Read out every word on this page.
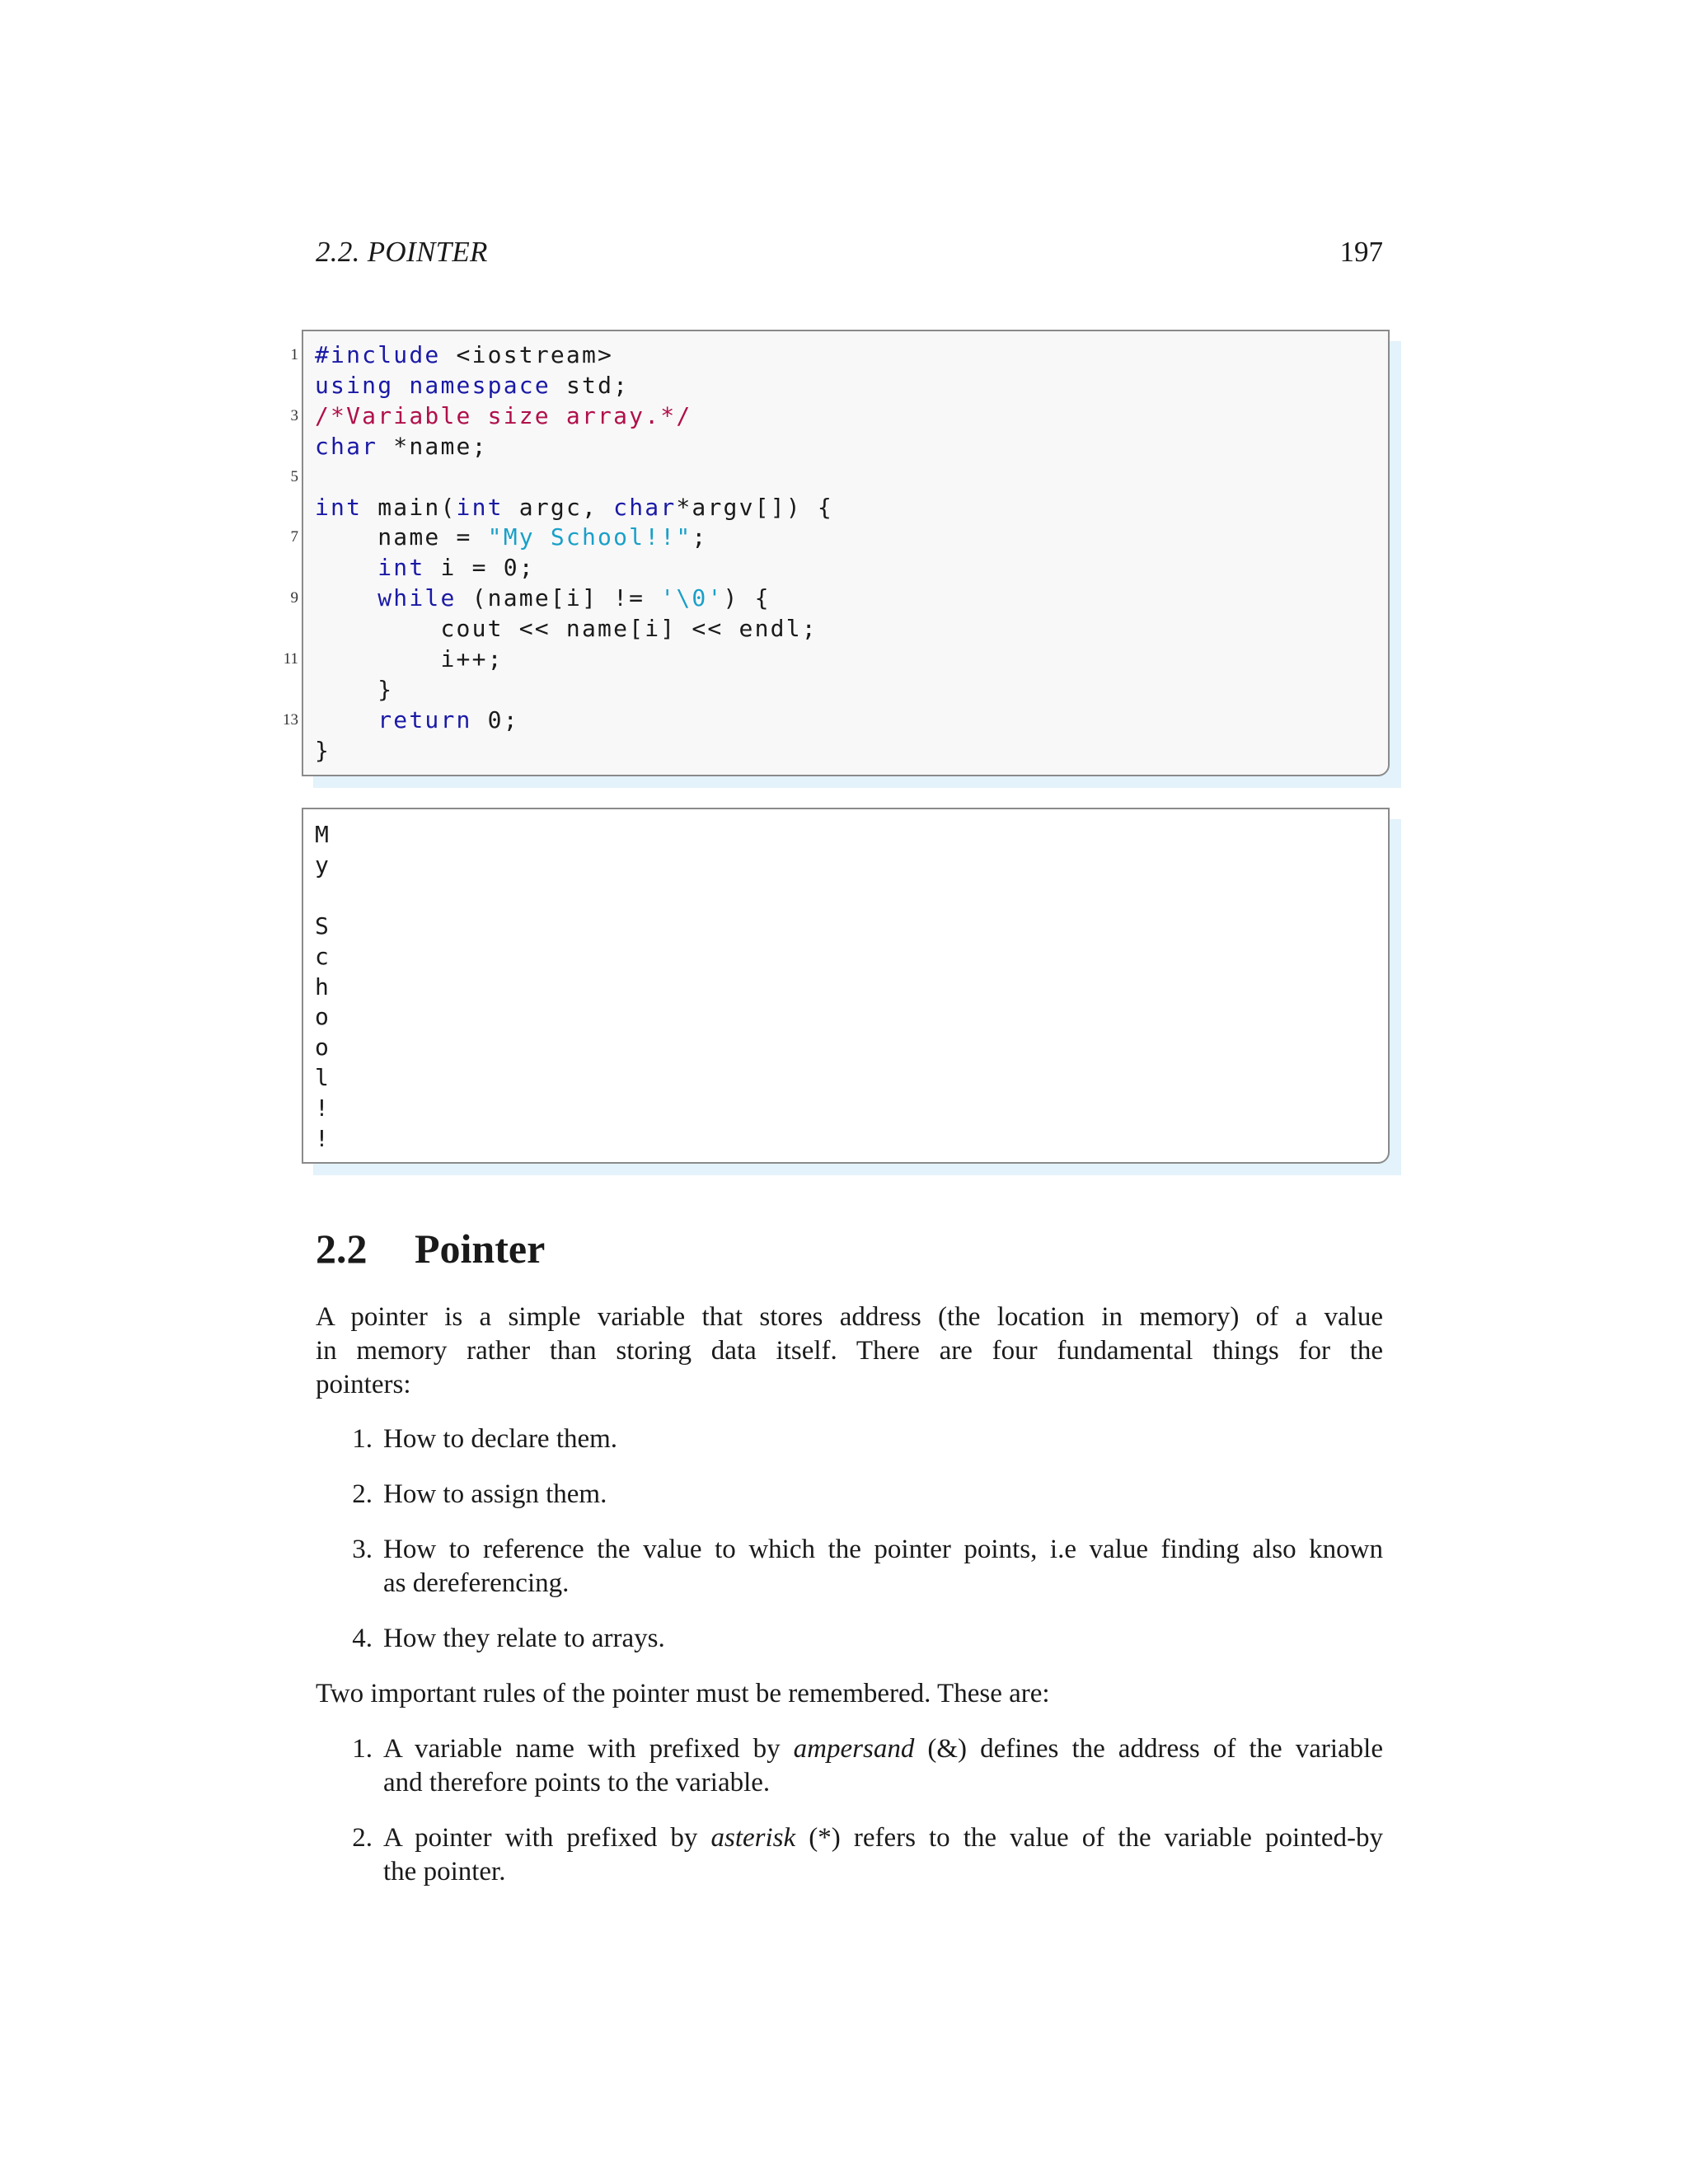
2.2. POINTER	197
#include <iostream>
using namespace std;
/*Variable size array.*/
char *name;
int main(int argc, char*argv[]) {
name = "My School!!";
int i = 0;
while (name[i] != '\0') {
cout << name[i] << endl;
i++;
}
return 0;
}
1
3
5
7
9
11
13
M
y
S
c
h
o
o
l
!
!
2.2 Pointer
A pointer is a simple variable that stores address (the location in memory) of a value
in memory rather than storing data itself. There are four fundamental things for the
pointers:
1. How to declare them.
2. How to assign them.
3. How to reference the value to which the pointer points, i.e value finding also known
as dereferencing.
4. How they relate to arrays.
Two important rules of the pointer must be remembered. These are:
1. A variable name with prefixed by ampersand (&) defines the address of the variable
and therefore points to the variable.
2. A pointer with prefixed by asterisk (*) refers to the value of the variable pointed-by
the pointer.
